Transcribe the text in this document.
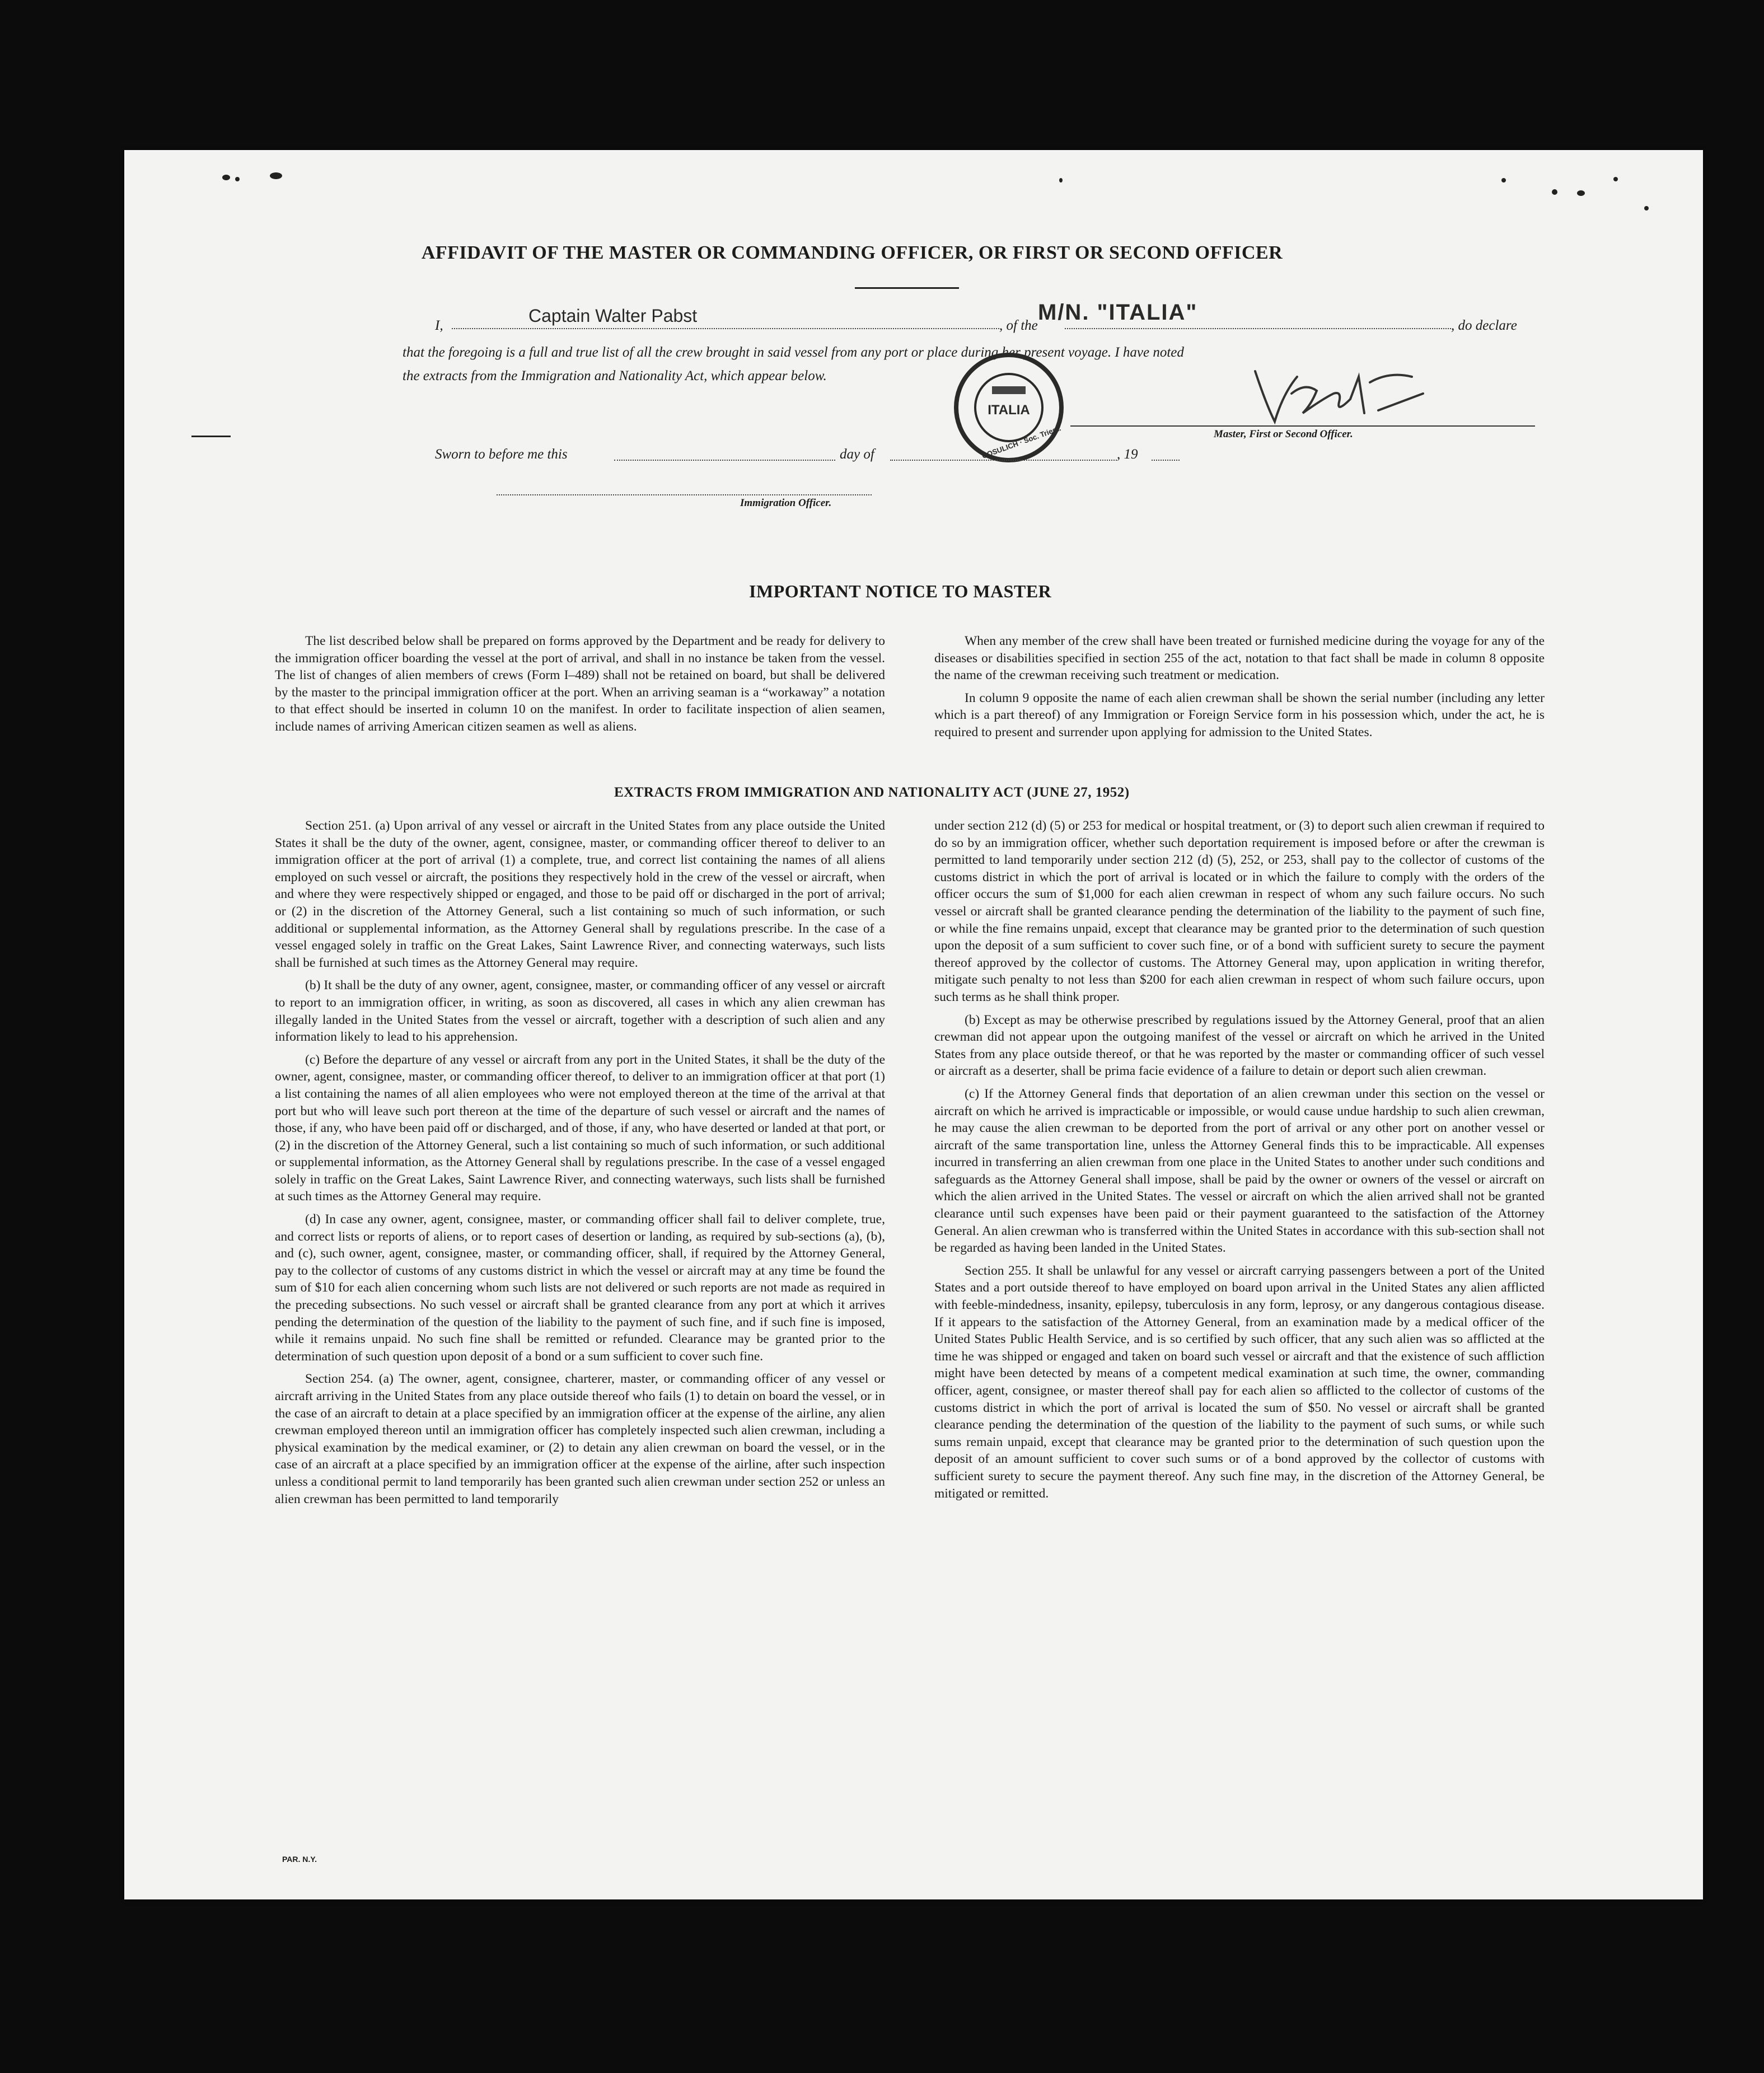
AFFIDAVIT OF THE MASTER OR COMMANDING OFFICER, OR FIRST OR SECOND OFFICER
I,	Captain Walter Pabst	, of the
M/N. "ITALIA"
, do declare
that the foregoing is a full and true list of all the crew brought in said vessel from any port or place during her present voyage. I have noted
the extracts from the Immigration and Nationality Act, which appear below.
ITALIA
COSULICH · Soc. Triest.	Master, First or Second Officer.
Sworn to before me this	day of	, 19
Immigration Officer.
IMPORTANT NOTICE TO MASTER

The list described below shall be prepared on forms approved by the Department and be ready for delivery to the immigration officer boarding the vessel at the port of arrival, and shall in no instance be taken from the vessel. The list of changes of alien members of crews (Form I–489) shall not be retained on board, but shall be delivered by the master to the principal immigration officer at the port. When an arriving seaman is a “workaway” a notation to that effect should be inserted in column 10 on the manifest. In order to facilitate inspection of alien seamen, include names of arriving American citizen seamen as well as aliens.

When any member of the crew shall have been treated or furnished medicine during the voyage for any of the diseases or disabilities specified in section 255 of the act, notation to that fact shall be made in column 8 opposite the name of the crewman receiving such treatment or medication.

In column 9 opposite the name of each alien crewman shall be shown the serial number (including any letter which is a part thereof) of any Immigration or Foreign Service form in his possession which, under the act, he is required to present and surrender upon applying for admission to the United States.

EXTRACTS FROM IMMIGRATION AND NATIONALITY ACT (JUNE 27, 1952)

Section 251. (a) Upon arrival of any vessel or aircraft in the United States from any place outside the United States it shall be the duty of the owner, agent, consignee, master, or commanding officer thereof to deliver to an immigration officer at the port of arrival (1) a complete, true, and correct list containing the names of all aliens employed on such vessel or aircraft, the positions they respectively hold in the crew of the vessel or aircraft, when and where they were respectively shipped or engaged, and those to be paid off or discharged in the port of arrival; or (2) in the discretion of the Attorney General, such a list containing so much of such information, or such additional or supplemental information, as the Attorney General shall by regulations prescribe. In the case of a vessel engaged solely in traffic on the Great Lakes, Saint Lawrence River, and connecting waterways, such lists shall be furnished at such times as the Attorney General may require.

(b) It shall be the duty of any owner, agent, consignee, master, or commanding officer of any vessel or aircraft to report to an immigration officer, in writing, as soon as discovered, all cases in which any alien crewman has illegally landed in the United States from the vessel or aircraft, together with a description of such alien and any information likely to lead to his apprehension.

(c) Before the departure of any vessel or aircraft from any port in the United States, it shall be the duty of the owner, agent, consignee, master, or commanding officer thereof, to deliver to an immigration officer at that port (1) a list containing the names of all alien employees who were not employed thereon at the time of the arrival at that port but who will leave such port thereon at the time of the departure of such vessel or aircraft and the names of those, if any, who have been paid off or discharged, and of those, if any, who have deserted or landed at that port, or (2) in the discretion of the Attorney General, such a list containing so much of such information, or such additional or supplemental information, as the Attorney General shall by regulations prescribe. In the case of a vessel engaged solely in traffic on the Great Lakes, Saint Lawrence River, and connecting waterways, such lists shall be furnished at such times as the Attorney General may require.

(d) In case any owner, agent, consignee, master, or commanding officer shall fail to deliver complete, true, and correct lists or reports of aliens, or to report cases of desertion or landing, as required by sub-sections (a), (b), and (c), such owner, agent, consignee, master, or commanding officer, shall, if required by the Attorney General, pay to the collector of customs of any customs district in which the vessel or aircraft may at any time be found the sum of $10 for each alien concerning whom such lists are not delivered or such reports are not made as required in the preceding subsections. No such vessel or aircraft shall be granted clearance from any port at which it arrives pending the determination of the question of the liability to the payment of such fine, and if such fine is imposed, while it remains unpaid. No such fine shall be remitted or refunded. Clearance may be granted prior to the determination of such question upon deposit of a bond or a sum sufficient to cover such fine.

Section 254. (a) The owner, agent, consignee, charterer, master, or commanding officer of any vessel or aircraft arriving in the United States from any place outside thereof who fails (1) to detain on board the vessel, or in the case of an aircraft to detain at a place specified by an immigration officer at the expense of the airline, any alien crewman employed thereon until an immigration officer has completely inspected such alien crewman, including a physical examination by the medical examiner, or (2) to detain any alien crewman on board the vessel, or in the case of an aircraft at a place specified by an immigration officer at the expense of the airline, after such inspection unless a conditional permit to land temporarily has been granted such alien crewman under section 252 or unless an alien crewman has been permitted to land temporarily

under section 212 (d) (5) or 253 for medical or hospital treatment, or (3) to deport such alien crewman if required to do so by an immigration officer, whether such deportation requirement is imposed before or after the crewman is permitted to land temporarily under section 212 (d) (5), 252, or 253, shall pay to the collector of customs of the customs district in which the port of arrival is located or in which the failure to comply with the orders of the officer occurs the sum of $1,000 for each alien crewman in respect of whom any such failure occurs. No such vessel or aircraft shall be granted clearance pending the determination of the liability to the payment of such fine, or while the fine remains unpaid, except that clearance may be granted prior to the determination of such question upon the deposit of a sum sufficient to cover such fine, or of a bond with sufficient surety to secure the payment thereof approved by the collector of customs. The Attorney General may, upon application in writing therefor, mitigate such penalty to not less than $200 for each alien crewman in respect of whom such failure occurs, upon such terms as he shall think proper.

(b) Except as may be otherwise prescribed by regulations issued by the Attorney General, proof that an alien crewman did not appear upon the outgoing manifest of the vessel or aircraft on which he arrived in the United States from any place outside thereof, or that he was reported by the master or commanding officer of such vessel or aircraft as a deserter, shall be prima facie evidence of a failure to detain or deport such alien crewman.

(c) If the Attorney General finds that deportation of an alien crewman under this section on the vessel or aircraft on which he arrived is impracticable or impossible, or would cause undue hardship to such alien crewman, he may cause the alien crewman to be deported from the port of arrival or any other port on another vessel or aircraft of the same transportation line, unless the Attorney General finds this to be impracticable. All expenses incurred in transferring an alien crewman from one place in the United States to another under such conditions and safeguards as the Attorney General shall impose, shall be paid by the owner or owners of the vessel or aircraft on which the alien arrived in the United States. The vessel or aircraft on which the alien arrived shall not be granted clearance until such expenses have been paid or their payment guaranteed to the satisfaction of the Attorney General. An alien crewman who is transferred within the United States in accordance with this sub-section shall not be regarded as having been landed in the United States.

Section 255. It shall be unlawful for any vessel or aircraft carrying passengers between a port of the United States and a port outside thereof to have employed on board upon arrival in the United States any alien afflicted with feeble-mindedness, insanity, epilepsy, tuberculosis in any form, leprosy, or any dangerous contagious disease. If it appears to the satisfaction of the Attorney General, from an examination made by a medical officer of the United States Public Health Service, and is so certified by such officer, that any such alien was so afflicted at the time he was shipped or engaged and taken on board such vessel or aircraft and that the existence of such affliction might have been detected by means of a competent medical examination at such time, the owner, commanding officer, agent, consignee, or master thereof shall pay for each alien so afflicted to the collector of customs of the customs district in which the port of arrival is located the sum of $50. No vessel or aircraft shall be granted clearance pending the determination of the question of the liability to the payment of such sums, or while such sums remain unpaid, except that clearance may be granted prior to the determination of such question upon the deposit of an amount sufficient to cover such sums or of a bond approved by the collector of customs with sufficient surety to secure the payment thereof. Any such fine may, in the discretion of the Attorney General, be mitigated or remitted.

PAR. N.Y.
